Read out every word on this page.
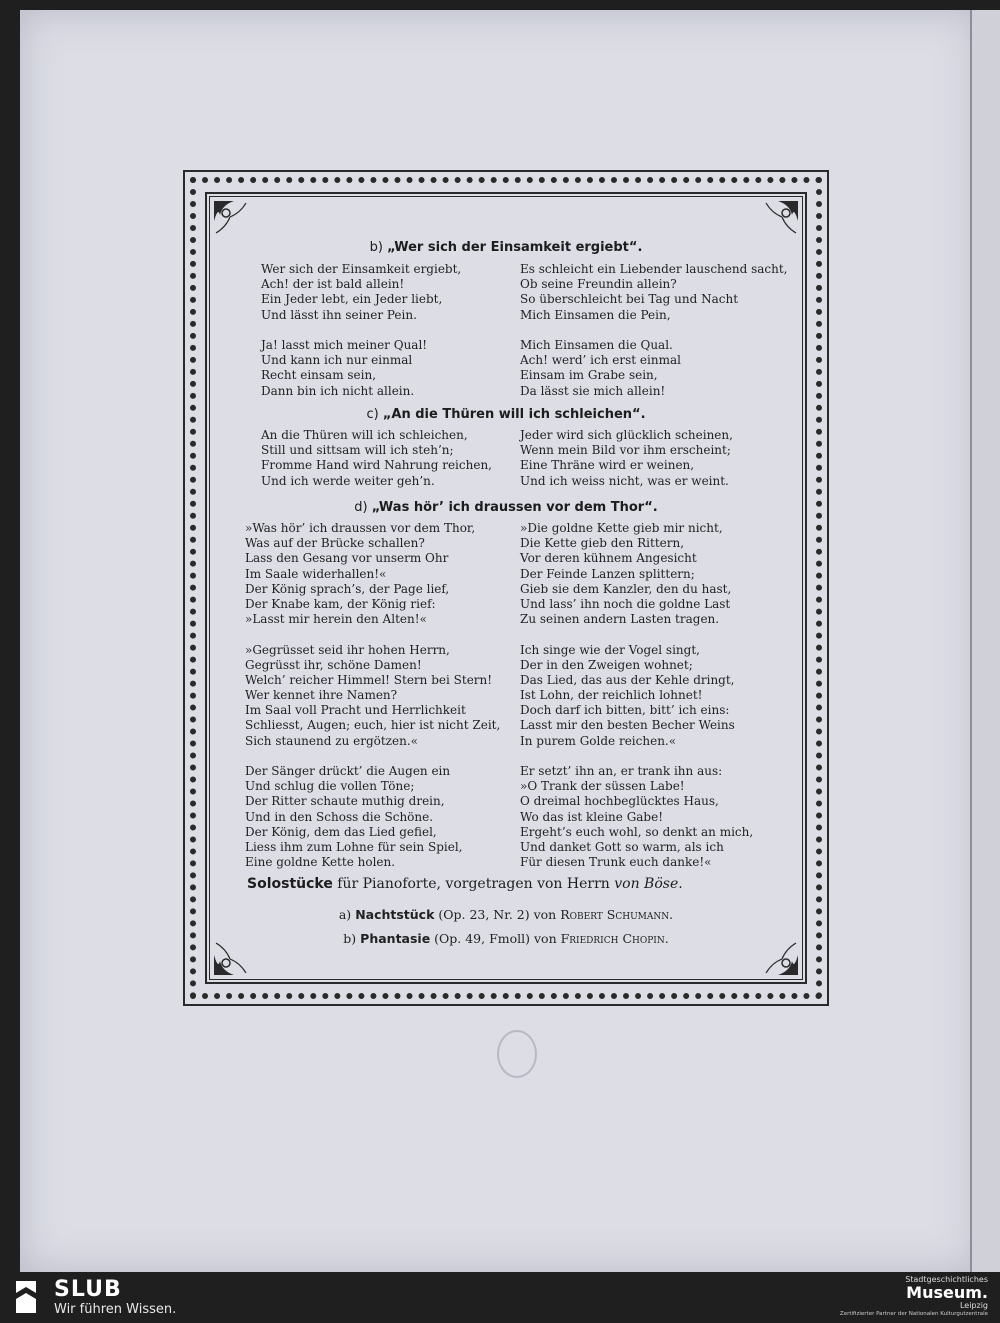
b) „Wer sich der Einsamkeit ergiebt“.
Wer sich der Einsamkeit ergiebt,
Ach! der ist bald allein!
Ein Jeder lebt, ein Jeder liebt,
Und lässt ihn seiner Pein.
Ja! lasst mich meiner Qual!
Und kann ich nur einmal
Recht einsam sein,
Dann bin ich nicht allein.
Es schleicht ein Liebender lauschend sacht,
Ob seine Freundin allein?
So überschleicht bei Tag und Nacht
Mich Einsamen die Pein,
Mich Einsamen die Qual.
Ach! werd’ ich erst einmal
Einsam im Grabe sein,
Da lässt sie mich allein!
c) „An die Thüren will ich schleichen“.
An die Thüren will ich schleichen,
Still und sittsam will ich steh’n;
Fromme Hand wird Nahrung reichen,
Und ich werde weiter geh’n.
Jeder wird sich glücklich scheinen,
Wenn mein Bild vor ihm erscheint;
Eine Thräne wird er weinen,
Und ich weiss nicht, was er weint.
d) „Was hör’ ich draussen vor dem Thor“.
»Was hör’ ich draussen vor dem Thor,
Was auf der Brücke schallen?
Lass den Gesang vor unserm Ohr
Im Saale widerhallen!«
Der König sprach’s, der Page lief,
Der Knabe kam, der König rief:
»Lasst mir herein den Alten!«
»Gegrüsset seid ihr hohen Herrn,
Gegrüsst ihr, schöne Damen!
Welch’ reicher Himmel! Stern bei Stern!
Wer kennet ihre Namen?
Im Saal voll Pracht und Herrlichkeit
Schliesst, Augen; euch, hier ist nicht Zeit,
Sich staunend zu ergötzen.«
Der Sänger drückt’ die Augen ein
Und schlug die vollen Töne;
Der Ritter schaute muthig drein,
Und in den Schoss die Schöne.
Der König, dem das Lied gefiel,
Liess ihm zum Lohne für sein Spiel,
Eine goldne Kette holen.
»Die goldne Kette gieb mir nicht,
Die Kette gieb den Rittern,
Vor deren kühnem Angesicht
Der Feinde Lanzen splittern;
Gieb sie dem Kanzler, den du hast,
Und lass’ ihn noch die goldne Last
Zu seinen andern Lasten tragen.
Ich singe wie der Vogel singt,
Der in den Zweigen wohnet;
Das Lied, das aus der Kehle dringt,
Ist Lohn, der reichlich lohnet!
Doch darf ich bitten, bitt’ ich eins:
Lasst mir den besten Becher Weins
In purem Golde reichen.«
Er setzt’ ihn an, er trank ihn aus:
»O Trank der süssen Labe!
O dreimal hochbeglücktes Haus,
Wo das ist kleine Gabe!
Ergeht’s euch wohl, so denkt an mich,
Und danket Gott so warm, als ich
Für diesen Trunk euch danke!«
Solostücke für Pianoforte, vorgetragen von Herrn von Böse.
a) Nachtstück (Op. 23, Nr. 2) von Robert Schumann.
b) Phantasie (Op. 49, Fmoll) von Friedrich Chopin.
SLUB
Wir führen Wissen.
Stadtgeschichtliches
Museum.
Leipzig
Zertifizierter Partner der Nationalen Kulturgutzentrale
